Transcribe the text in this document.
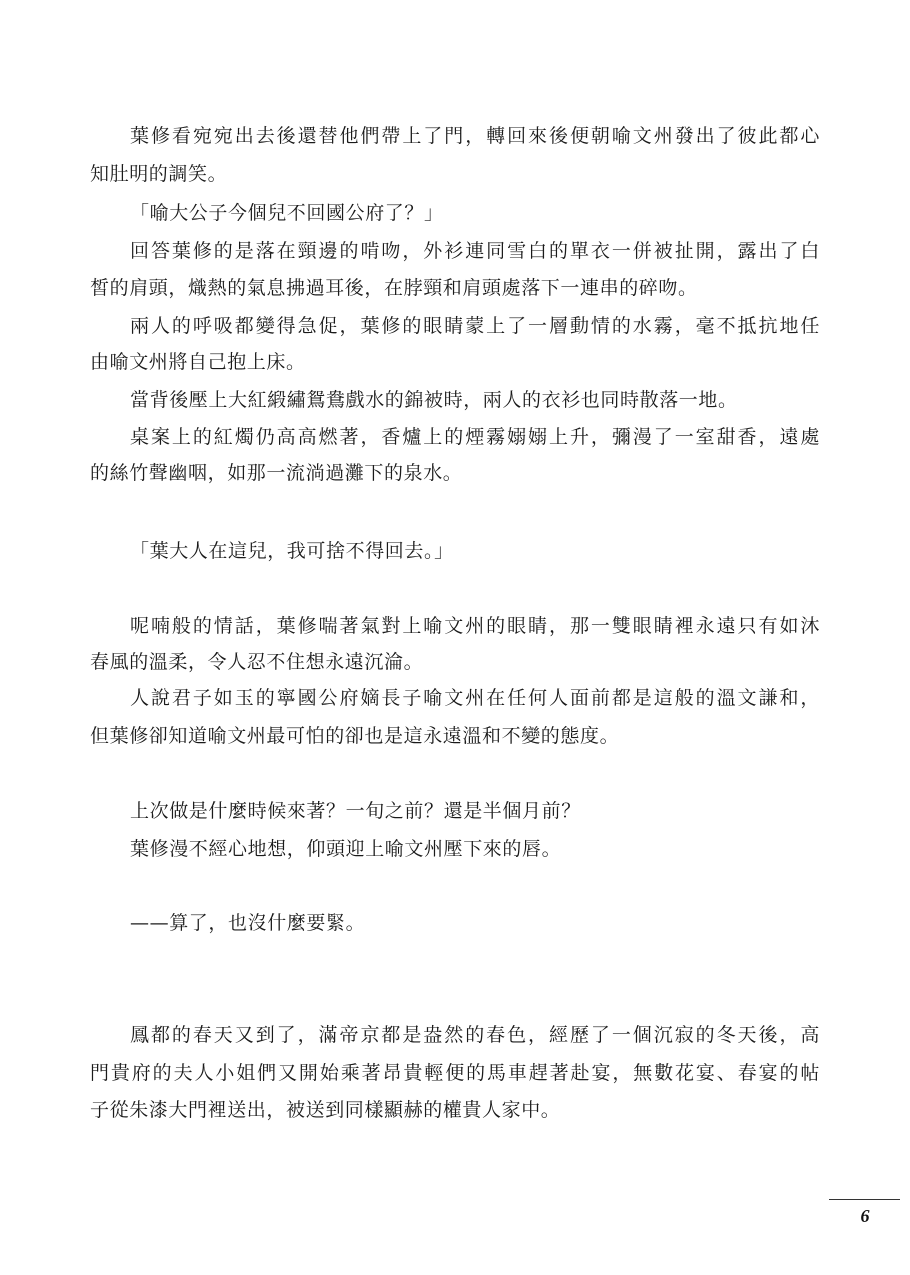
葉修看宛宛出去後還替他們帶上了門，轉回來後便朝喻文州發出了彼此都心
知肚明的調笑。
「喻大公子今個兒不回國公府了？」
回答葉修的是落在頸邊的啃吻，外衫連同雪白的單衣一併被扯開，露出了白
皙的肩頭，熾熱的氣息拂過耳後，在脖頸和肩頭處落下一連串的碎吻。
兩人的呼吸都變得急促，葉修的眼睛蒙上了一層動情的水霧，毫不抵抗地任
由喻文州將自己抱上床。
當背後壓上大紅緞繡鴛鴦戲水的錦被時，兩人的衣衫也同時散落一地。
桌案上的紅燭仍高高燃著，香爐上的煙霧嫋嫋上升，彌漫了一室甜香，遠處
的絲竹聲幽咽，如那一流淌過灘下的泉水。
「葉大人在這兒，我可捨不得回去。」
呢喃般的情話，葉修喘著氣對上喻文州的眼睛，那一雙眼睛裡永遠只有如沐
春風的溫柔，令人忍不住想永遠沉淪。
人說君子如玉的寧國公府嫡長子喻文州在任何人面前都是這般的溫文謙和，
但葉修卻知道喻文州最可怕的卻也是這永遠溫和不變的態度。
上次做是什麼時候來著？一旬之前？還是半個月前？
葉修漫不經心地想，仰頭迎上喻文州壓下來的唇。
——算了，也沒什麼要緊。
鳳都的春天又到了，滿帝京都是盎然的春色，經歷了一個沉寂的冬天後，高
門貴府的夫人小姐們又開始乘著昂貴輕便的馬車趕著赴宴，無數花宴、春宴的帖
子從朱漆大門裡送出，被送到同樣顯赫的權貴人家中。
6
